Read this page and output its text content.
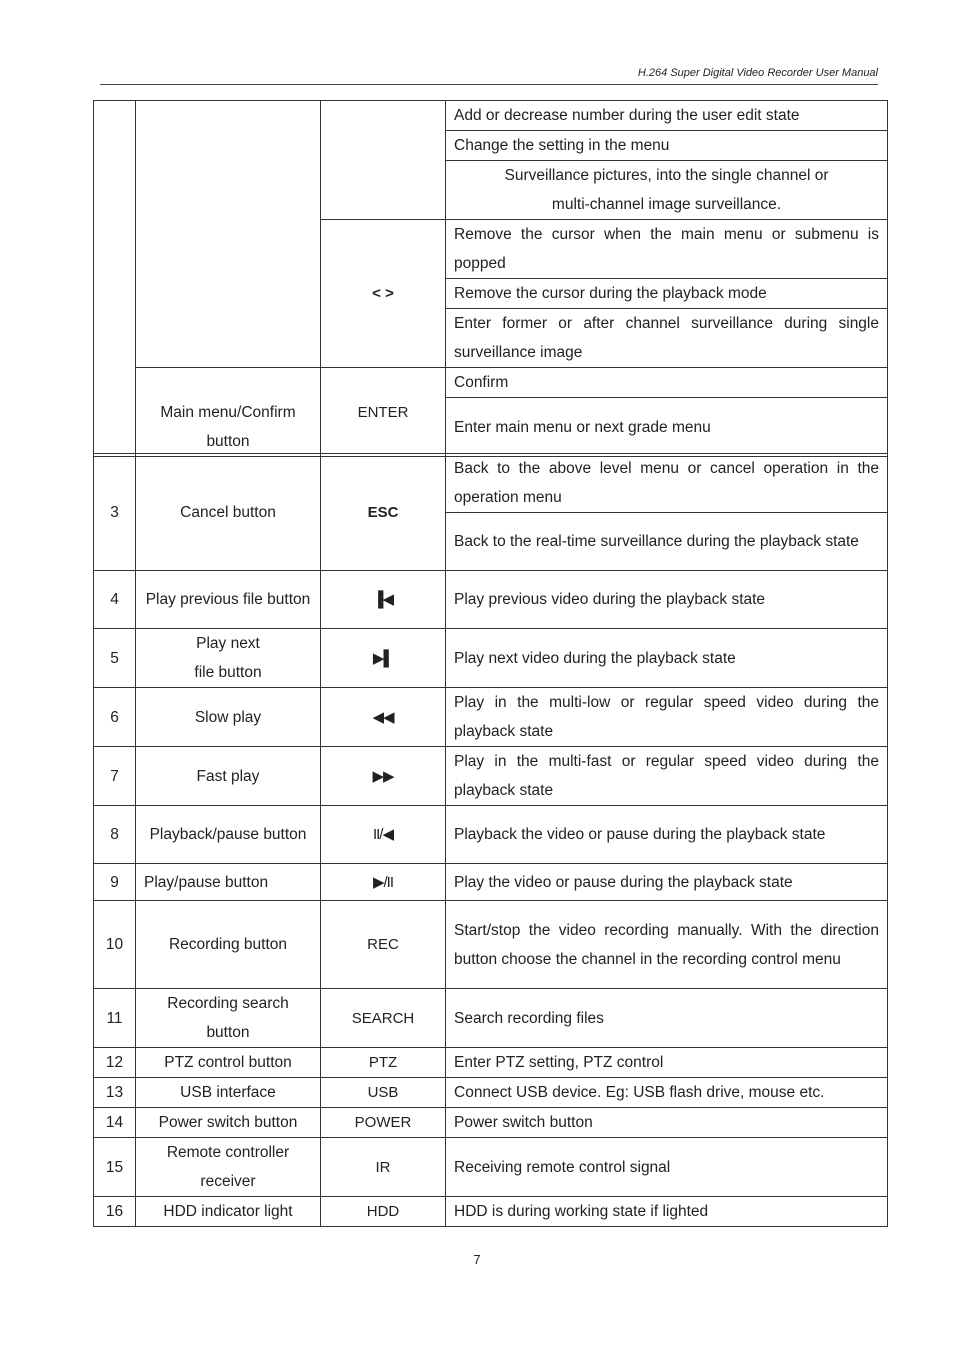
H.264 Super Digital Video Recorder User Manual
			Add or decrease number during the user edit state
			Change the setting in the menu
			Surveillance pictures, into the single channel or
multi-channel image surveillance.
		< >	Remove the cursor when the main menu or submenu is popped
			Remove the cursor during the playback mode
			Enter former or after channel surveillance during single surveillance image
	Main menu/Confirm button	ENTER	Confirm
			Enter main menu or next grade menu
3	Cancel button	ESC	Back to the above level menu or cancel operation in the operation menu
			Back to the real-time surveillance during the playback state
4	Play previous file button	▐◀	Play previous video during the playback state
5	Play next
file button	▶▌	Play next video during the playback state
6	Slow play	◀◀	Play in the multi-low or regular speed video during the playback state
7	Fast play	▶▶	Play in the multi-fast or regular speed video during the playback state
8	Playback/pause button	II/◀	Playback the video or pause during the playback state
9	Play/pause button	▶/II	Play the video or pause during the playback state
10	Recording button	REC	Start/stop the video recording manually. With the direction button choose the channel in the recording control menu
11	Recording search button	SEARCH	Search recording files
12	PTZ control button	PTZ	Enter PTZ setting, PTZ control
13	USB interface	USB	Connect USB device. Eg: USB flash drive, mouse etc.
14	Power switch button	POWER	Power switch button
15	Remote controller receiver	IR	Receiving remote control signal
16	HDD indicator light	HDD	HDD is during working state if lighted
7
